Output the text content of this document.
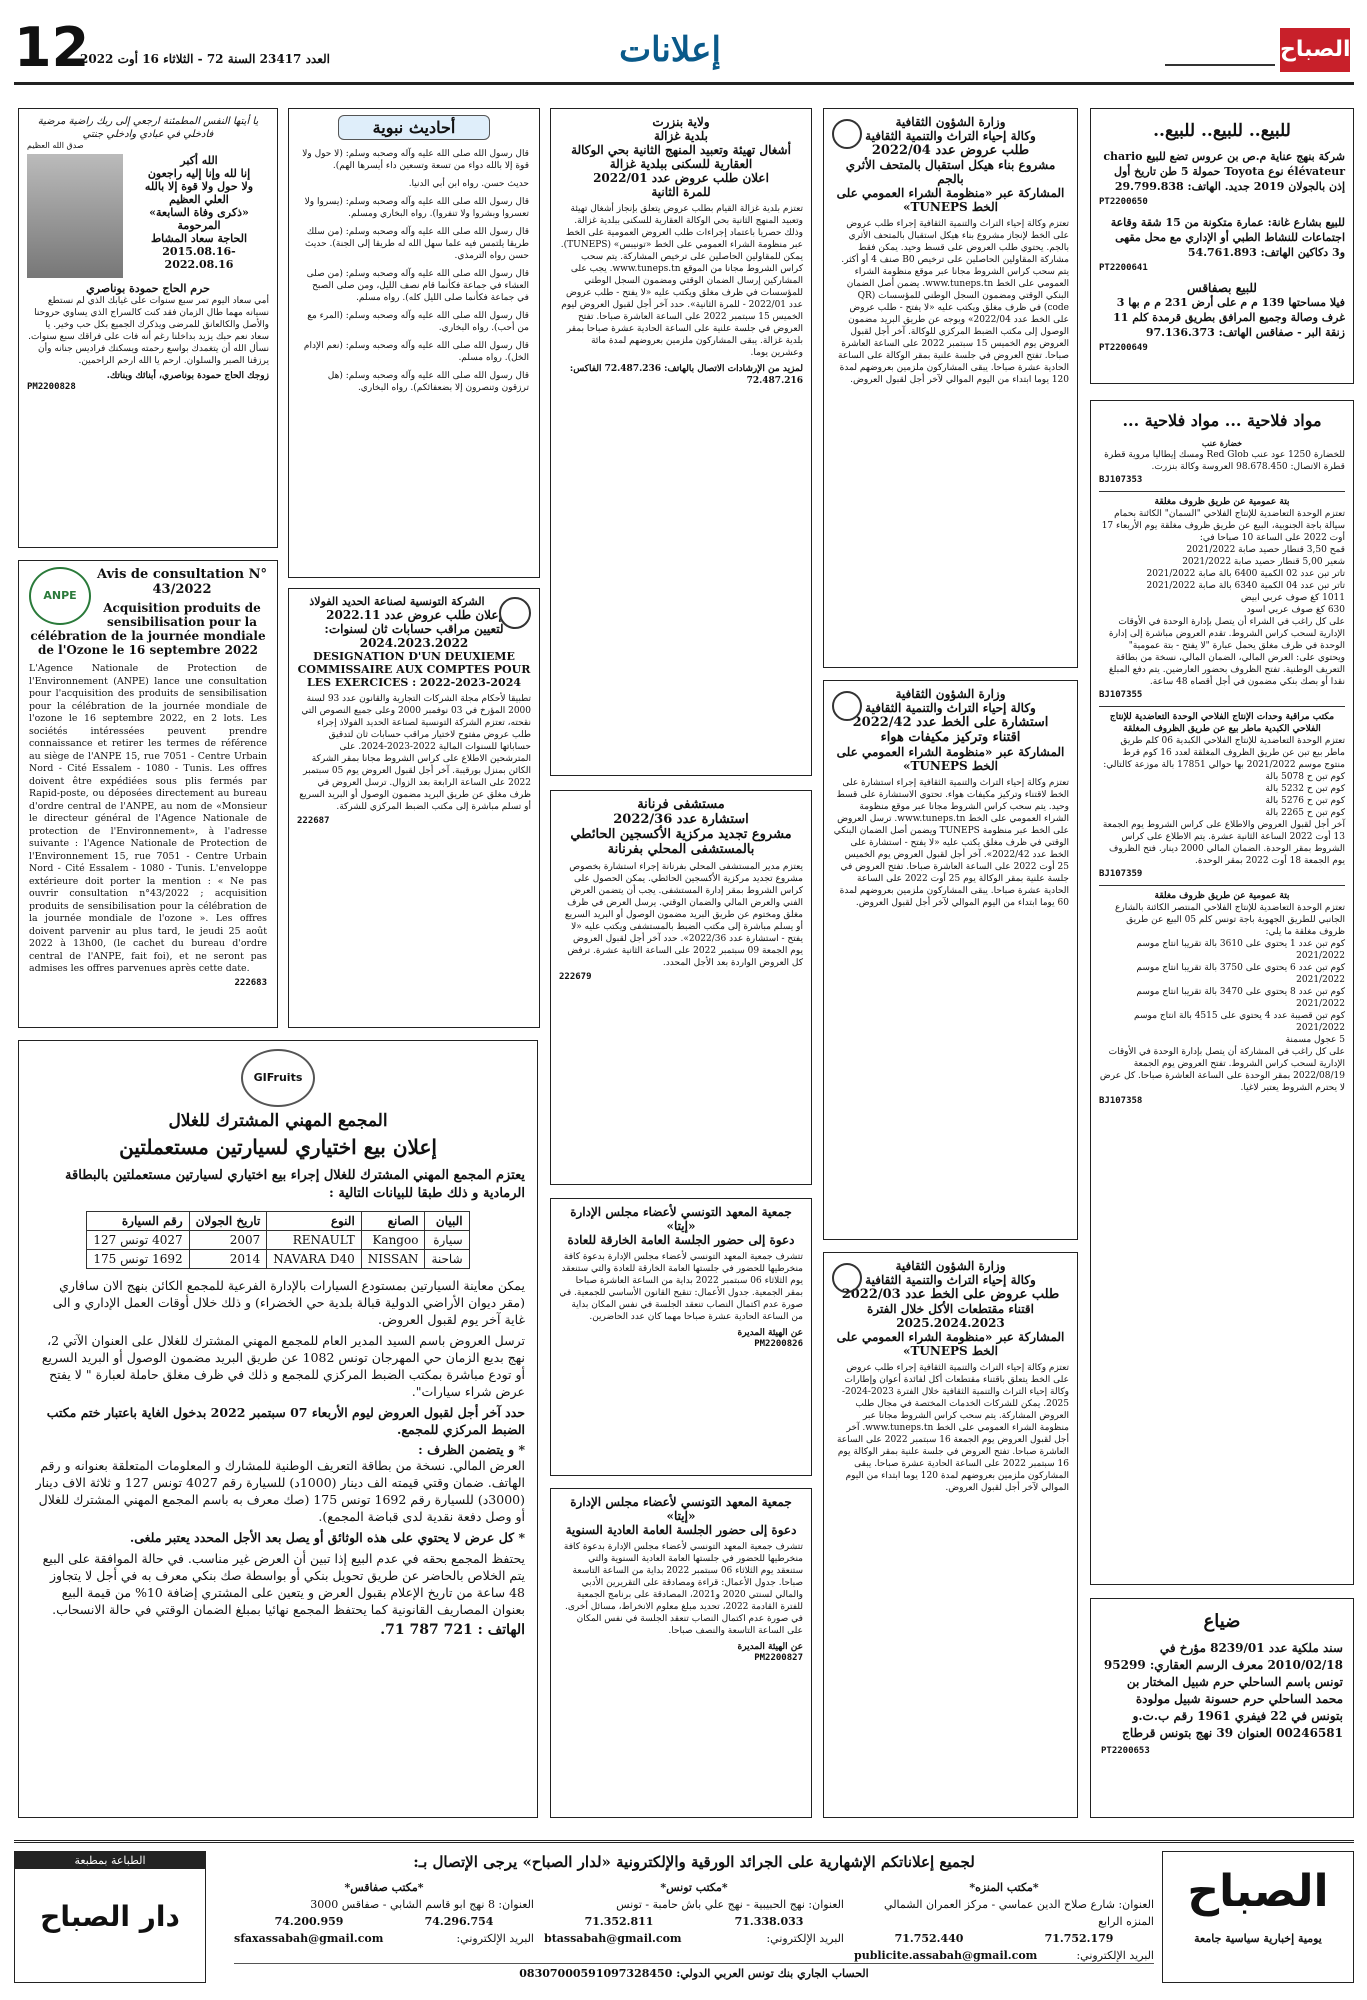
12
العدد 23417 السنة 72 - الثلاثاء 16 أوت 2022	إعلانات	الصباح
للبيع.. للبيع.. للبيع..
شركة بنهج عناية م.ص بن عروس تضع للبيع chario élévateur نوع Toyota حمولة 5 طن تاريخ أول إذن بالجولان 2019 جديد. الهاتف: 29.799.838
PT2200650
للبيع بشارع غانة: عمارة متكونة من 15 شقة وقاعة اجتماعات للنشاط الطبي أو الإداري مع محل مقهى و3 دكاكين الهاتف: 54.761.893
PT2200641
للبيع بصفاقس
فيلا مساحتها 139 م م على أرض 231 م م بها 3 غرف وصالة وجميع المرافق بطريق قرمدة كلم 11 زنقة البر - صفاقس الهاتف: 97.136.373
PT2200649
مواد فلاحية ... مواد فلاحية ...
خضارة عنب
للخضارة 1250 عود عنب Red Glob ومسك إيطاليا مروية قطرة قطرة الاتصال: 98.678.450 العروسة وكالة بنزرت.
BJ107353
بتة عمومية عن طريق ظروف مغلقة
تعتزم الوحدة التعاضدية للإنتاج الفلاحي "السمان" الكائنة بحمام سيالة باجة الجنوبية، البيع عن طريق ظروف مغلقة يوم الأربعاء 17 أوت 2022 على الساعة 10 صباحا في:
قمح 3,50 قنطار حصيد صابة 2021/2022
شعير 5,00 قنطار حصيد صابة 2021/2022
تاتر تبن عدد 02 الكمية 6400 بالة صابة 2021/2022
تاتر تبن عدد 04 الكمية 6340 بالة صابة 2021/2022
1011 كغ صوف عربي ابيض
630 كغ صوف عربي اسود
على كل راغب في الشراء أن يتصل بإدارة الوحدة في الأوقات الإدارية لسحب كراس الشروط. تقدم العروض مباشرة إلى إدارة الوحدة في ظرف مغلق يحمل عبارة "لا يفتح - بتة عمومية" ويحتوي على: العرض المالي، الضمان المالي، نسخة من بطاقة التعريف الوطنية. تفتح الظروف بحضور العارضين. يتم دفع المبلغ نقدا أو بصك بنكي مضمون في أجل أقصاه 48 ساعة.
BJ107355
مكتب مراقبة وحدات الإنتاج الفلاحي الوحدة التعاضدية للإنتاج الفلاحي الكبدية ماطر بيع عن طريق الظروف المغلقة
تعتزم الوحدة التعاضدية للإنتاج الفلاحي الكبدية 06 كلم طريق ماطر بيع تبن عن طريق الظروف المغلقة لعدد 16 كوم قرط منتوج موسم 2021/2022 بها حوالي 17851 بالة موزعة كالتالي:
كوم تبن ح 5078 بالة
كوم تبن ح 5232 بالة
كوم تبن ح 5276 بالة
كوم تبن ح 2265 بالة
آخر أجل لقبول العروض والاطلاع على كراس الشروط يوم الجمعة 13 أوت 2022 الساعة الثانية عشرة. يتم الاطلاع على كراس الشروط بمقر الوحدة. الضمان المالي 2000 دينار. فتح الظروف يوم الجمعة 18 أوت 2022 بمقر الوحدة.
BJ107359
بتة عمومية عن طريق ظروف مغلقة
تعتزم الوحدة التعاضدية للإنتاج الفلاحي المنتصر الكائنة بالشارع الجانبي للطريق الجهوية باجة تونس كلم 05 البيع عن طريق ظروف مغلقة ما يلي:
كوم تبن عدد 1 يحتوي على 3610 بالة تقريبا انتاج موسم 2021/2022
كوم تبن عدد 6 يحتوي على 3750 بالة تقريبا انتاج موسم 2021/2022
كوم تبن عدد 8 يحتوي على 3470 بالة تقريبا انتاج موسم 2021/2022
كوم تبن قصيبة عدد 4 يحتوي على 4515 بالة انتاج موسم 2021/2022
5 عجول مسمنة
على كل راغب في المشاركة أن يتصل بإدارة الوحدة في الأوقات الإدارية لسحب كراس الشروط. تفتح العروض يوم الجمعة 2022/08/19 بمقر الوحدة على الساعة العاشرة صباحا. كل عرض لا يحترم الشروط يعتبر لاغيا.
BJ107358
ضياع
سند ملكية عدد 8239/01 مؤرخ في 2010/02/18 معرف الرسم العقاري: 95299 تونس باسم الساحلي حرم شبيل المختار بن محمد الساحلي حرم حسونة شبيل مولودة بتونس في 22 فيفري 1961 رقم ب.ت.و 00246581 العنوان 39 نهج بتونس قرطاج
PT2200653
وزارة الشؤون الثقافية
وكالة إحياء التراث والتنمية الثقافية
طلب عروض عدد 2022/04
مشروع بناء هيكل استقبال بالمتحف الأثري بالجم
المشاركة عبر «منظومة الشراء العمومي على الخط TUNEPS»
تعتزم وكالة إحياء التراث والتنمية الثقافية إجراء طلب عروض على الخط لإنجاز مشروع بناء هيكل استقبال بالمتحف الأثري بالجم. يحتوي طلب العروض على قسط وحيد. يمكن فقط مشاركة المقاولين الحاصلين على ترخيص B0 صنف 4 أو أكثر. يتم سحب كراس الشروط مجانا عبر موقع منظومة الشراء العمومي على الخط www.tuneps.tn. يضمن أصل الضمان البنكي الوقتي ومضمون السجل الوطني للمؤسسات (QR code) في ظرف مغلق ويكتب عليه «لا يفتح - طلب عروض على الخط عدد 2022/04» ويوجه عن طريق البريد مضمون الوصول إلى مكتب الضبط المركزي للوكالة. آخر أجل لقبول العروض يوم الخميس 15 سبتمبر 2022 على الساعة العاشرة صباحا. تفتح العروض في جلسة علنية بمقر الوكالة على الساعة الحادية عشرة صباحا. يبقى المشاركون ملزمين بعروضهم لمدة 120 يوما ابتداء من اليوم الموالي لآخر أجل لقبول العروض.
وزارة الشؤون الثقافية
وكالة إحياء التراث والتنمية الثقافية
استشارة على الخط عدد 2022/42
اقتناء وتركيز مكيفات هواء
المشاركة عبر «منظومة الشراء العمومي على الخط TUNEPS»
تعتزم وكالة إحياء التراث والتنمية الثقافية إجراء استشارة على الخط لاقتناء وتركيز مكيفات هواء. تحتوي الاستشارة على قسط وحيد. يتم سحب كراس الشروط مجانا عبر موقع منظومة الشراء العمومي على الخط www.tuneps.tn. ترسل العروض على الخط عبر منظومة TUNEPS ويضمن أصل الضمان البنكي الوقتي في ظرف مغلق يكتب عليه «لا يفتح - استشارة على الخط عدد 2022/42». آخر أجل لقبول العروض يوم الخميس 25 أوت 2022 على الساعة العاشرة صباحا. تفتح العروض في جلسة علنية بمقر الوكالة يوم 25 أوت 2022 على الساعة الحادية عشرة صباحا. يبقى المشاركون ملزمين بعروضهم لمدة 60 يوما ابتداء من اليوم الموالي لآخر أجل لقبول العروض.
وزارة الشؤون الثقافية
وكالة إحياء التراث والتنمية الثقافية
طلب عروض على الخط عدد 2022/03
اقتناء مقتطعات الأكل خلال الفترة 2025.2024.2023
المشاركة عبر «منظومة الشراء العمومي على الخط TUNEPS»
تعتزم وكالة إحياء التراث والتنمية الثقافية إجراء طلب عروض على الخط يتعلق باقتناء مقتطعات أكل لفائدة أعوان وإطارات وكالة إحياء التراث والتنمية الثقافية خلال الفترة 2023-2024-2025. يمكن للشركات الخدمات المختصة في مجال طلب العروض المشاركة. يتم سحب كراس الشروط مجانا عبر منظومة الشراء العمومي على الخط www.tuneps.tn. آخر أجل لقبول العروض يوم الجمعة 16 سبتمبر 2022 على الساعة العاشرة صباحا. تفتح العروض في جلسة علنية بمقر الوكالة يوم 16 سبتمبر 2022 على الساعة الحادية عشرة صباحا. يبقى المشاركون ملزمين بعروضهم لمدة 120 يوما ابتداء من اليوم الموالي لآخر أجل لقبول العروض.
ولاية بنزرت
بلدية غزالة
أشغال تهيئة وتعبيد المنهج الثانية بحي الوكالة العقارية للسكنى ببلدية غزالة
اعلان طلب عروض عدد 2022/01
للمرة الثانية
تعتزم بلدية غزالة القيام بطلب عروض يتعلق بإنجاز أشغال تهيئة وتعبيد المنهج الثانية بحي الوكالة العقارية للسكنى ببلدية غزالة. وذلك حصريا باعتماد إجراءات طلب العروض العمومية على الخط عبر منظومة الشراء العمومي على الخط «تونيبس» (TUNEPS). يمكن للمقاولين الحاصلين على ترخيص المشاركة. يتم سحب كراس الشروط مجانا من الموقع www.tuneps.tn. يجب على المشاركين إرسال الضمان الوقتي ومضمون السجل الوطني للمؤسسات في ظرف مغلق ويكتب عليه «لا يفتح - طلب عروض عدد 2022/01 - للمرة الثانية». حدد آخر أجل لقبول العروض ليوم الخميس 15 سبتمبر 2022 على الساعة العاشرة صباحا. تفتح العروض في جلسة علنية على الساعة الحادية عشرة صباحا بمقر بلدية غزالة. يبقى المشاركون ملزمين بعروضهم لمدة مائة وعشرين يوما.
لمزيد من الإرشادات الاتصال بالهاتف: 72.487.236 الفاكس: 72.487.216
مستشفى فرنانة
استشارة عدد 2022/36
مشروع تجديد مركزية الأكسجين الحائطي بالمستشفى المحلي بفرنانة
يعتزم مدير المستشفى المحلي بفرنانة إجراء استشارة بخصوص مشروع تجديد مركزية الأكسجين الحائطي. يمكن الحصول على كراس الشروط بمقر إدارة المستشفى. يجب أن يتضمن العرض الفني والعرض المالي والضمان الوقتي. يرسل العرض في ظرف مغلق ومختوم عن طريق البريد مضمون الوصول أو البريد السريع أو يسلم مباشرة إلى مكتب الضبط بالمستشفى ويكتب عليه «لا يفتح - استشارة عدد 2022/36». حدد آخر أجل لقبول العروض يوم الجمعة 09 سبتمبر 2022 على الساعة الثانية عشرة. ترفض كل العروض الواردة بعد الأجل المحدد.
222679
جمعية المعهد التونسي لأعضاء مجلس الإدارة «إيتا»
دعوة إلى حضور الجلسة العامة الخارقة للعادة
تتشرف جمعية المعهد التونسي لأعضاء مجلس الإدارة بدعوة كافة منخرطيها للحضور في جلستها العامة الخارقة للعادة والتي ستنعقد يوم الثلاثاء 06 سبتمبر 2022 بداية من الساعة العاشرة صباحا بمقر الجمعية. جدول الأعمال: تنقيح القانون الأساسي للجمعية. في صورة عدم اكتمال النصاب تنعقد الجلسة في نفس المكان بداية من الساعة الحادية عشرة صباحا مهما كان عدد الحاضرين.
عن الهيئة المديرة
PM2200826
جمعية المعهد التونسي لأعضاء مجلس الإدارة «إيتا»
دعوة إلى حضور الجلسة العامة العادية السنوية
تتشرف جمعية المعهد التونسي لأعضاء مجلس الإدارة بدعوة كافة منخرطيها للحضور في جلستها العامة العادية السنوية والتي ستنعقد يوم الثلاثاء 06 سبتمبر 2022 بداية من الساعة التاسعة صباحا. جدول الأعمال: قراءة ومصادقة على التقريرين الأدبي والمالي لسنتي 2020 و2021، المصادقة على برنامج الجمعية للفترة القادمة 2022، تحديد مبلغ معلوم الانخراط، مسائل أخرى. في صورة عدم اكتمال النصاب تنعقد الجلسة في نفس المكان على الساعة التاسعة والنصف صباحا.
عن الهيئة المديرة
PM2200827
أحاديث نبوية
قال رسول الله صلى الله عليه وآله وصحبه وسلم: (لا حول ولا قوة إلا بالله دواء من تسعة وتسعين داء أيسرها الهم).
حديث حسن. رواه ابن أبي الدنيا.
قال رسول الله صلى الله عليه وآله وصحبه وسلم: (يسروا ولا تعسروا وبشروا ولا تنفروا). رواه البخاري ومسلم.
قال رسول الله صلى الله عليه وآله وصحبه وسلم: (من سلك طريقا يلتمس فيه علما سهل الله له طريقا إلى الجنة). حديث حسن رواه الترمذي.
قال رسول الله صلى الله عليه وآله وصحبه وسلم: (من صلى العشاء في جماعة فكأنما قام نصف الليل، ومن صلى الصبح في جماعة فكأنما صلى الليل كله). رواه مسلم.
قال رسول الله صلى الله عليه وآله وصحبه وسلم: (المرء مع من أحب). رواه البخاري.
قال رسول الله صلى الله عليه وآله وصحبه وسلم: (نعم الإدام الخل). رواه مسلم.
قال رسول الله صلى الله عليه وآله وصحبه وسلم: (هل ترزقون وتنصرون إلا بضعفائكم). رواه البخاري.
الشركة التونسية لصناعة الحديد الفولاذ
إعلان طلب عروض عدد 2022.11
لتعيين مراقب حسابات ثان لسنوات: 2024.2023.2022
DESIGNATION D'UN DEUXIEME COMMISSAIRE AUX COMPTES POUR LES EXERCICES : 2022-2023-2024
تطبيقا لأحكام مجلة الشركات التجارية والقانون عدد 93 لسنة 2000 المؤرخ في 03 نوفمبر 2000 وعلى جميع النصوص التي نقحته، تعتزم الشركة التونسية لصناعة الحديد الفولاذ إجراء طلب عروض مفتوح لاختيار مراقب حسابات ثان لتدقيق حساباتها للسنوات المالية 2022-2023-2024. على المترشحين الاطلاع على كراس الشروط مجانا بمقر الشركة الكائن بمنزل بورقيبة. آخر أجل لقبول العروض يوم 05 سبتمبر 2022 على الساعة الرابعة بعد الزوال. ترسل العروض في ظرف مغلق عن طريق البريد مضمون الوصول أو البريد السريع أو تسلم مباشرة إلى مكتب الضبط المركزي للشركة.
222687
يا أيتها النفس المطمئنة ارجعي إلى ربك راضية مرضية فادخلي في عبادي وادخلي جنتي
صدق الله العظيم
الله أكبر
إنا لله وإنا إليه راجعون
ولا حول ولا قوة إلا بالله
العلي العظيم
«ذكرى وفاة السابعة»
المرحومة
الحاجة سعاد المشاط
2015.08.16-2022.08.16
حرم الحاج حمودة بوناصري
أمي سعاد اليوم تمر سبع سنوات على غيابك الذي لم نستطع نسيانه مهما طال الزمان فقد كنت كالسراج الذي يساوي حروحنا والأصل والكالعانق للمرضى ويذكرك الجميع بكل حب وخير. يا سعاد نعم حبك يزيد بداخلنا رغم أنه فات على فراقك سبع سنوات. نسأل الله أن يتغمدك بواسع رحمته ويسكنك فراديس جنانه وأن يرزقنا الصبر والسلوان. ارحم يا الله ارحم الراحمين.
زوجك الحاج حمودة بوناصري، أبنائك وبناتك.
PM2200828
ANPE
Avis de consultation N° 43/2022
Acquisition produits de sensibilisation pour la célébration de la journée mondiale de l'Ozone le 16 septembre 2022
L'Agence Nationale de Protection de l'Environnement (ANPE) lance une consultation pour l'acquisition des produits de sensibilisation pour la célébration de la journée mondiale de l'ozone le 16 septembre 2022, en 2 lots. Les sociétés intéressées peuvent prendre connaissance et retirer les termes de référence au siège de l'ANPE 15, rue 7051 - Centre Urbain Nord - Cité Essalem - 1080 - Tunis. Les offres doivent être expédiées sous plis fermés par Rapid-poste, ou déposées directement au bureau d'ordre central de l'ANPE, au nom de «Monsieur le directeur général de l'Agence Nationale de protection de l'Environnement», à l'adresse suivante : l'Agence Nationale de Protection de l'Environnement 15, rue 7051 - Centre Urbain Nord - Cité Essalem - 1080 - Tunis. L'enveloppe extérieure doit porter la mention : « Ne pas ouvrir consultation n°43/2022 ; acquisition produits de sensibilisation pour la célébration de la journée mondiale de l'ozone ». Les offres doivent parvenir au plus tard, le jeudi 25 août 2022 à 13h00, (le cachet du bureau d'ordre central de l'ANPE, fait foi), et ne seront pas admises les offres parvenues après cette date.
222683
GIFruits
المجمع المهني المشترك للغلال
إعلان بيع اختياري لسيارتين مستعملتين
يعتزم المجمع المهني المشترك للغلال إجراء بيع اختياري لسيارتين مستعملتين بالبطاقة الرمادية و ذلك طبقا للبيانات التالية :
البيان	الصانع	النوع	تاريخ الجولان	رقم السيارة
سيارة	Kangoo	RENAULT	2007	4027 تونس 127
شاحنة	NISSAN	NAVARA D40	2014	1692 تونس 175
يمكن معاينة السيارتين بمستودع السيارات بالإدارة الفرعية للمجمع الكائن بنهج الان سافاري (مقر ديوان الأراضي الدولية قبالة بلدية حي الخضراء) و ذلك خلال أوقات العمل الإداري و الى غاية آخر يوم لقبول العروض.
ترسل العروض باسم السيد المدير العام للمجمع المهني المشترك للغلال على العنوان الآتي 2، نهج بديع الزمان حي المهرجان تونس 1082 عن طريق البريد مضمون الوصول أو البريد السريع أو تودع مباشرة بمكتب الضبط المركزي للمجمع و ذلك في ظرف مغلق حاملة لعبارة " لا يفتح عرض شراء سيارات".
حدد آخر أجل لقبول العروض ليوم الأربعاء 07 سبتمبر 2022 بدخول الغاية باعتبار ختم مكتب الضبط المركزي للمجمع.
* و يتضمن الظرف :
العرض المالي. نسخة من بطاقة التعريف الوطنية للمشارك و المعلومات المتعلقة بعنوانه و رقم الهاتف. ضمان وقتي قيمته الف دينار (1000د) للسيارة رقم 4027 تونس 127 و ثلاثة الاف دينار (3000د) للسيارة رقم 1692 تونس 175 (صك معرف به باسم المجمع المهني المشترك للغلال أو وصل دفعة نقدية لدى قباضة المجمع).
* كل عرض لا يحتوي على هذه الوثائق أو يصل بعد الأجل المحدد يعتبر ملغى.
يحتفظ المجمع بحقه في عدم البيع إذا تبين أن العرض غير مناسب. في حالة الموافقة على البيع يتم الخلاص بالحاضر عن طريق تحويل بنكي أو بواسطة صك بنكي معرف به في أجل لا يتجاوز 48 ساعة من تاريخ الإعلام بقبول العرض و يتعين على المشتري إضافة 10% من قيمة البيع بعنوان المصاريف القانونية كما يحتفظ المجمع نهائيا بمبلغ الضمان الوقتي في حالة الانسحاب.
الهاتف : 721 787 71.
الصباح
يومية إخبارية سياسية جامعة
لجميع إعلاناتكم الإشهارية على الجرائد الورقية والإلكترونية «لدار الصباح» يرجى الإتصال بـ:
*مكتب المنزه*
العنوان: شارع صلاح الدين عماسي - مركز العمران الشمالي المنزه الرابع
71.752.179
71.752.440
البريد الإلكتروني:
publicite.assabah@gmail.com
*مكتب تونس*
العنوان: نهج الحبيبية - نهج علي باش حامبة - تونس
71.338.033
71.352.811
البريد الإلكتروني:
btassabah@gmail.com
*مكتب صفاقس*
العنوان: 8 نهج ابو قاسم الشابي - صفاقس 3000
74.296.754
74.200.959
البريد الإلكتروني:
sfaxassabah@gmail.com
الحساب الجاري بنك تونس العربي الدولي: 08307000591097328450
الطباعة بمطبعة
دار الصباح
